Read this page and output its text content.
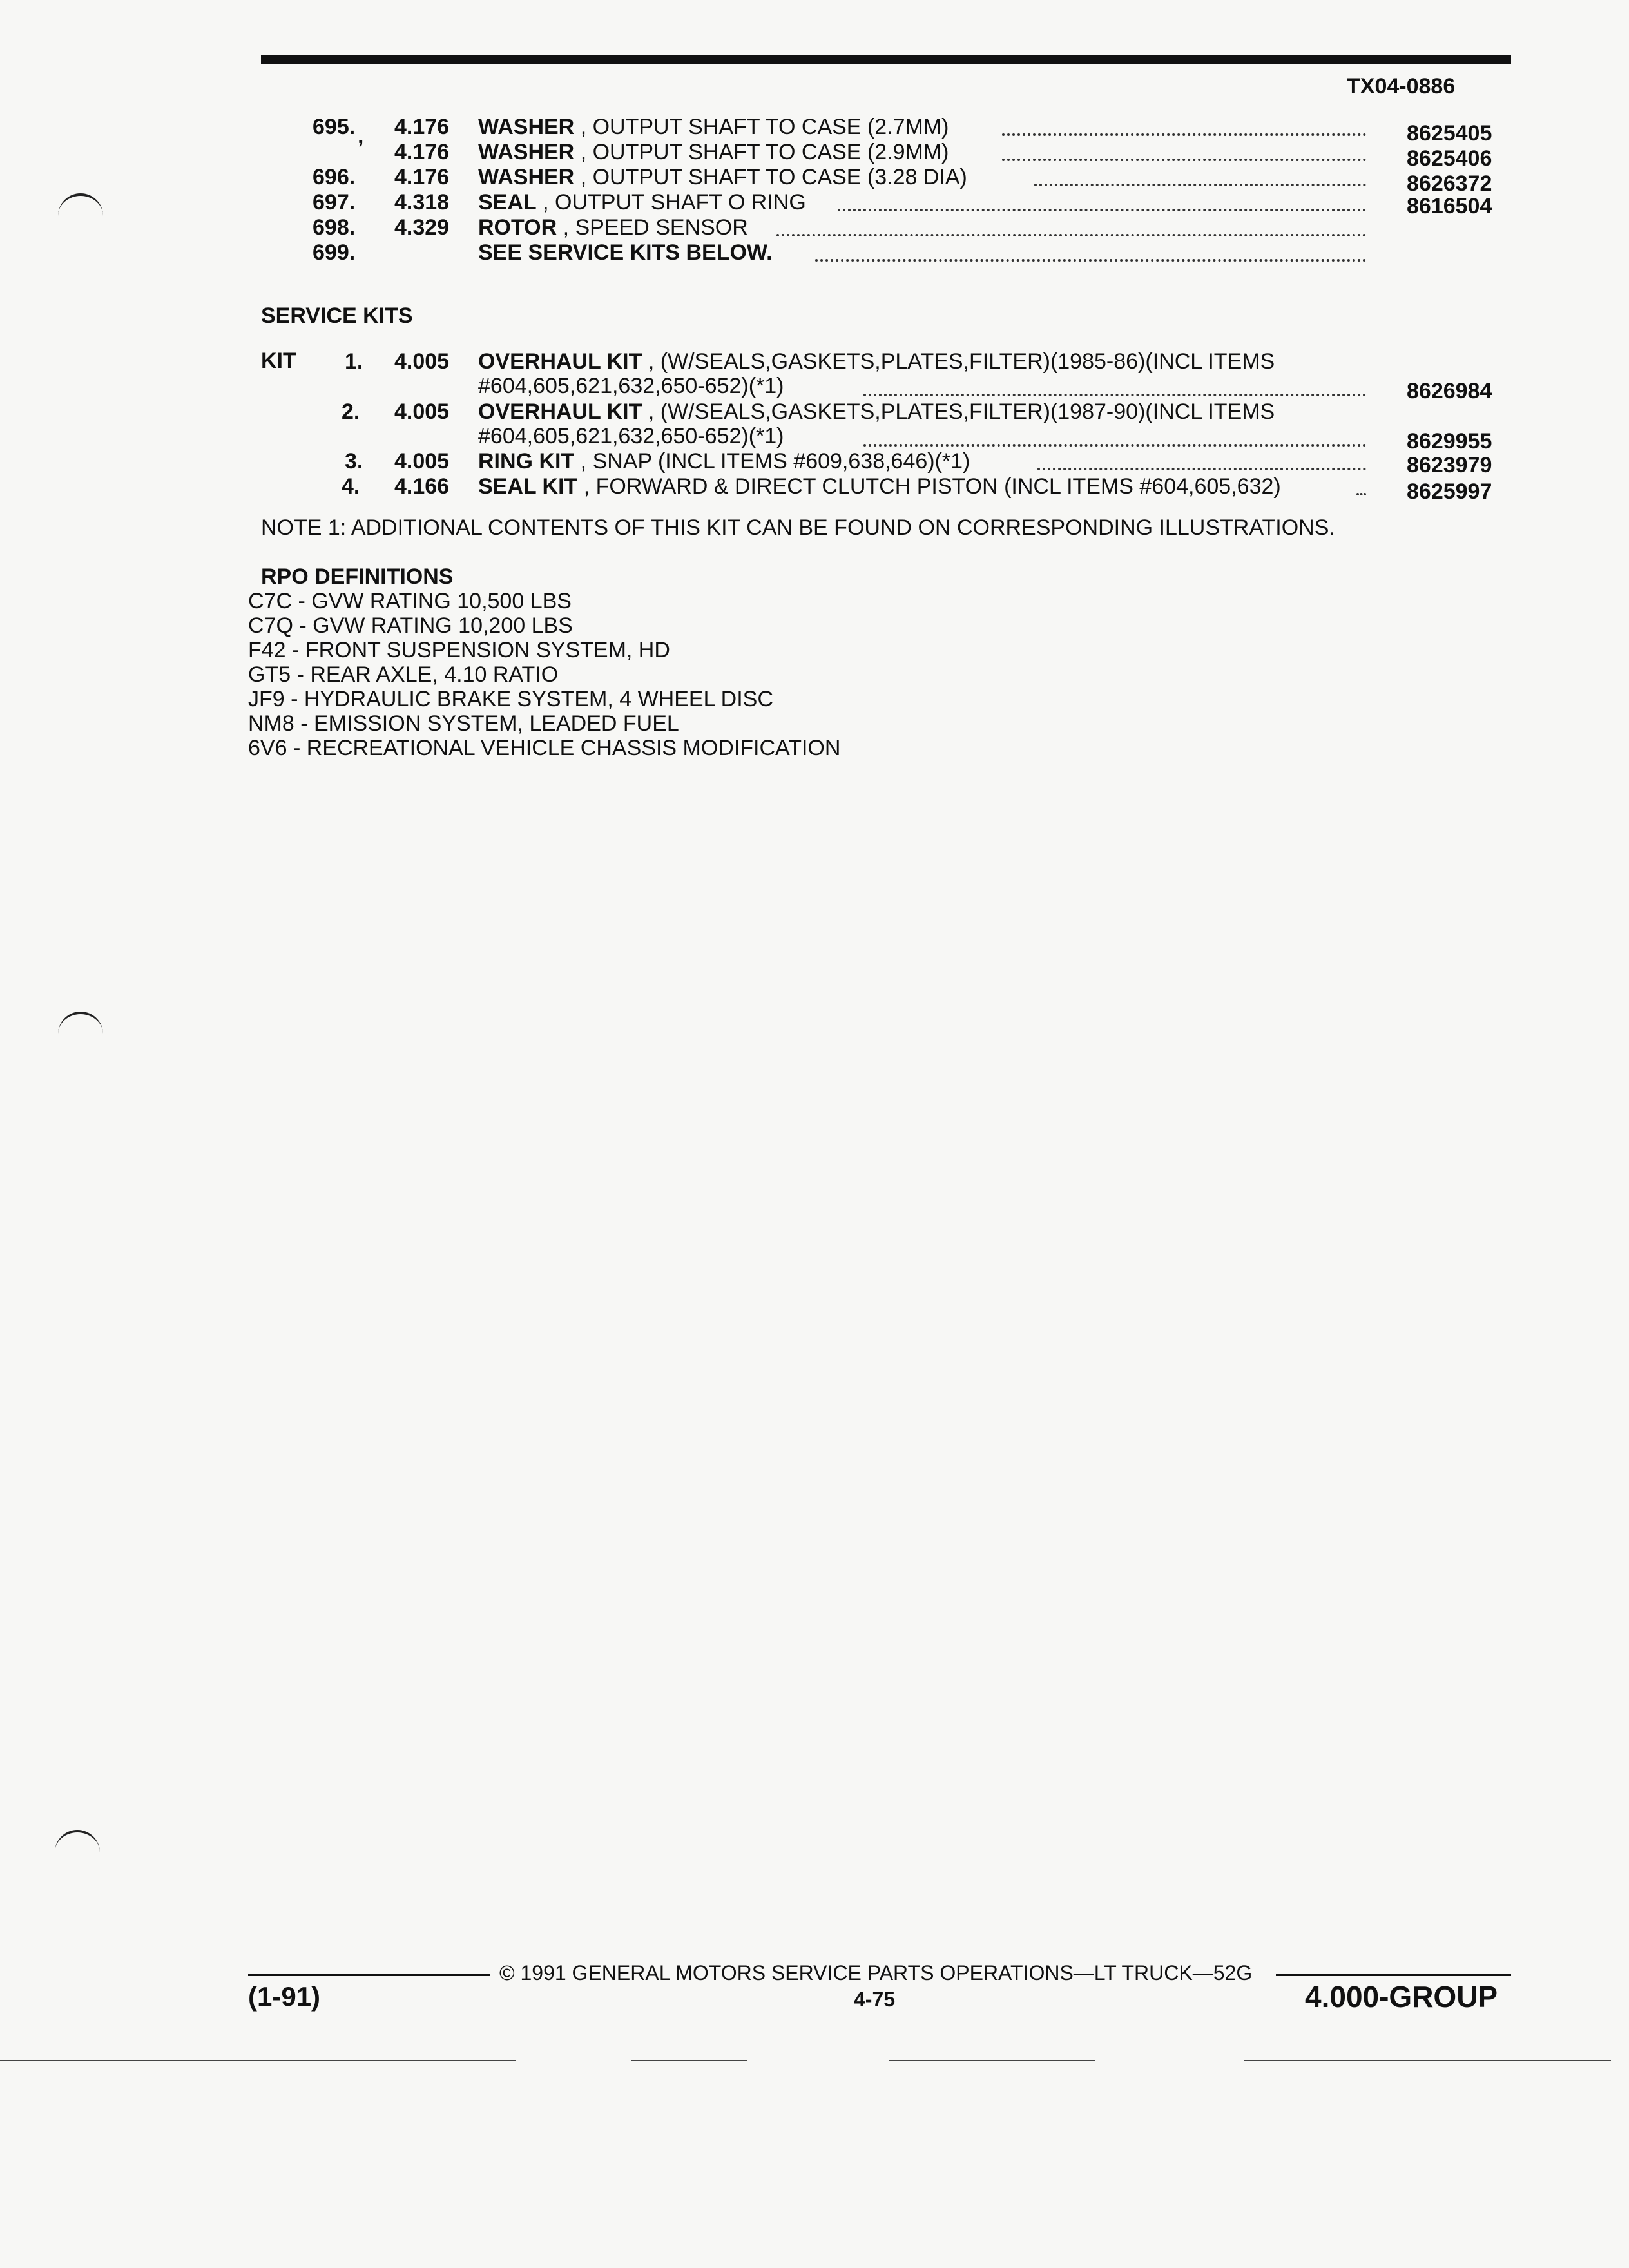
TX04-0886
695. 4.176 WASHER , OUTPUT SHAFT TO CASE (2.7MM)	8625405
’ 4.176 WASHER , OUTPUT SHAFT TO CASE (2.9MM)	8625406
696. 4.176 WASHER , OUTPUT SHAFT TO CASE (3.28 DIA)	8626372
697. 4.318 SEAL , OUTPUT SHAFT O RING	8616504
698. 4.329 ROTOR , SPEED SENSOR
699.	SEE SERVICE KITS BELOW.
SERVICE KITS
KIT 1. 4.005 OVERHAUL KIT , (W/SEALS,GASKETS,PLATES,FILTER)(1985-86)(INCL ITEMS
#604,605,621,632,650-652)(*1)	8626984
2. 4.005 OVERHAUL KIT , (W/SEALS,GASKETS,PLATES,FILTER)(1987-90)(INCL ITEMS
#604,605,621,632,650-652)(*1)	8629955
3. 4.005 RING KIT , SNAP (INCL ITEMS #609,638,646)(*1)	8623979
4. 4.166 SEAL KIT , FORWARD & DIRECT CLUTCH PISTON (INCL ITEMS #604,605,632)	8625997
NOTE 1: ADDITIONAL CONTENTS OF THIS KIT CAN BE FOUND ON CORRESPONDING ILLUSTRATIONS.
RPO DEFINITIONS
C7C - GVW RATING 10,500 LBS
C7Q - GVW RATING 10,200 LBS
F42 - FRONT SUSPENSION SYSTEM, HD
GT5 - REAR AXLE, 4.10 RATIO
JF9 - HYDRAULIC BRAKE SYSTEM, 4 WHEEL DISC
NM8 - EMISSION SYSTEM, LEADED FUEL
6V6 - RECREATIONAL VEHICLE CHASSIS MODIFICATION
© 1991 GENERAL MOTORS SERVICE PARTS OPERATIONS—LT TRUCK—52G
(1-91)	4-75	4.000-GROUP
